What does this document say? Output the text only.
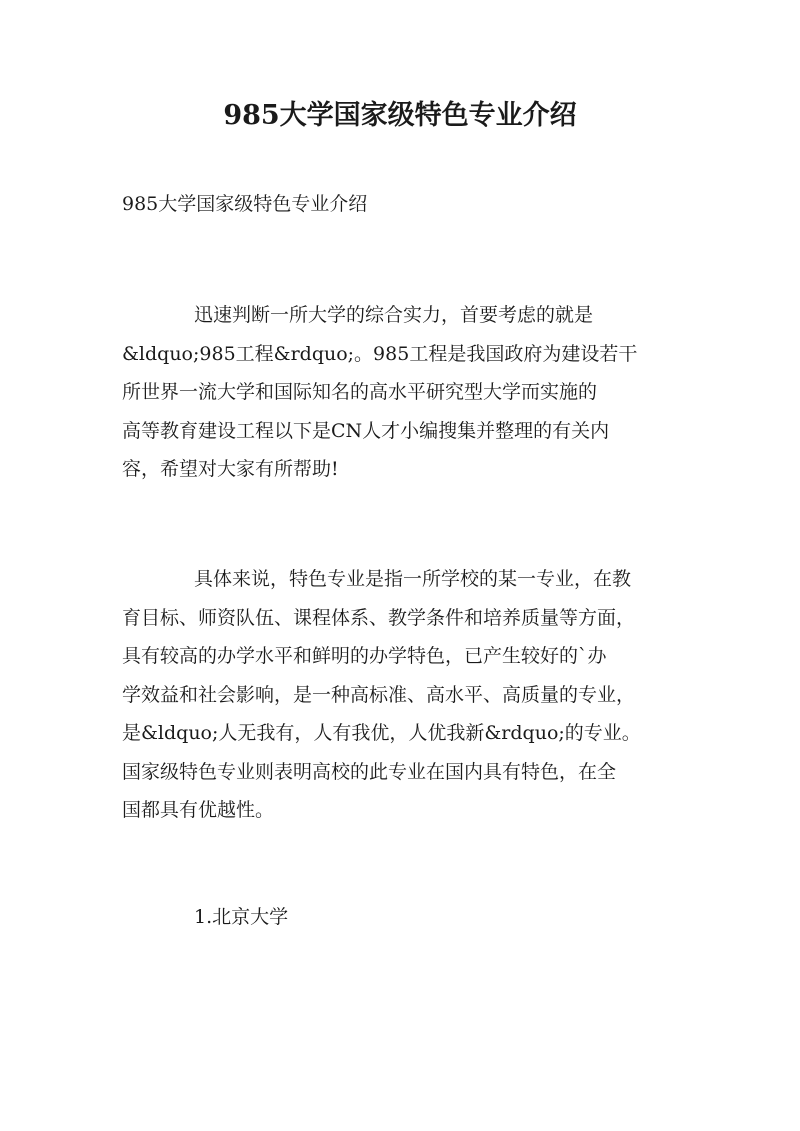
985大学国家级特色专业介绍

985大学国家级特色专业介绍

迅速判断一所大学的综合实力，首要考虑的就是
&ldquo;985工程&rdquo;。985工程是我国政府为建设若干
所世界一流大学和国际知名的高水平研究型大学而实施的
高等教育建设工程以下是CN人才小编搜集并整理的有关内
容，希望对大家有所帮助!
具体来说，特色专业是指一所学校的某一专业，在教
育目标、师资队伍、课程体系、教学条件和培养质量等方面，
具有较高的办学水平和鲜明的办学特色，已产生较好的`办
学效益和社会影响，是一种高标准、高水平、高质量的专业，
是&ldquo;人无我有，人有我优，人优我新&rdquo;的专业。
国家级特色专业则表明高校的此专业在国内具有特色，在全
国都具有优越性。

1.北京大学
